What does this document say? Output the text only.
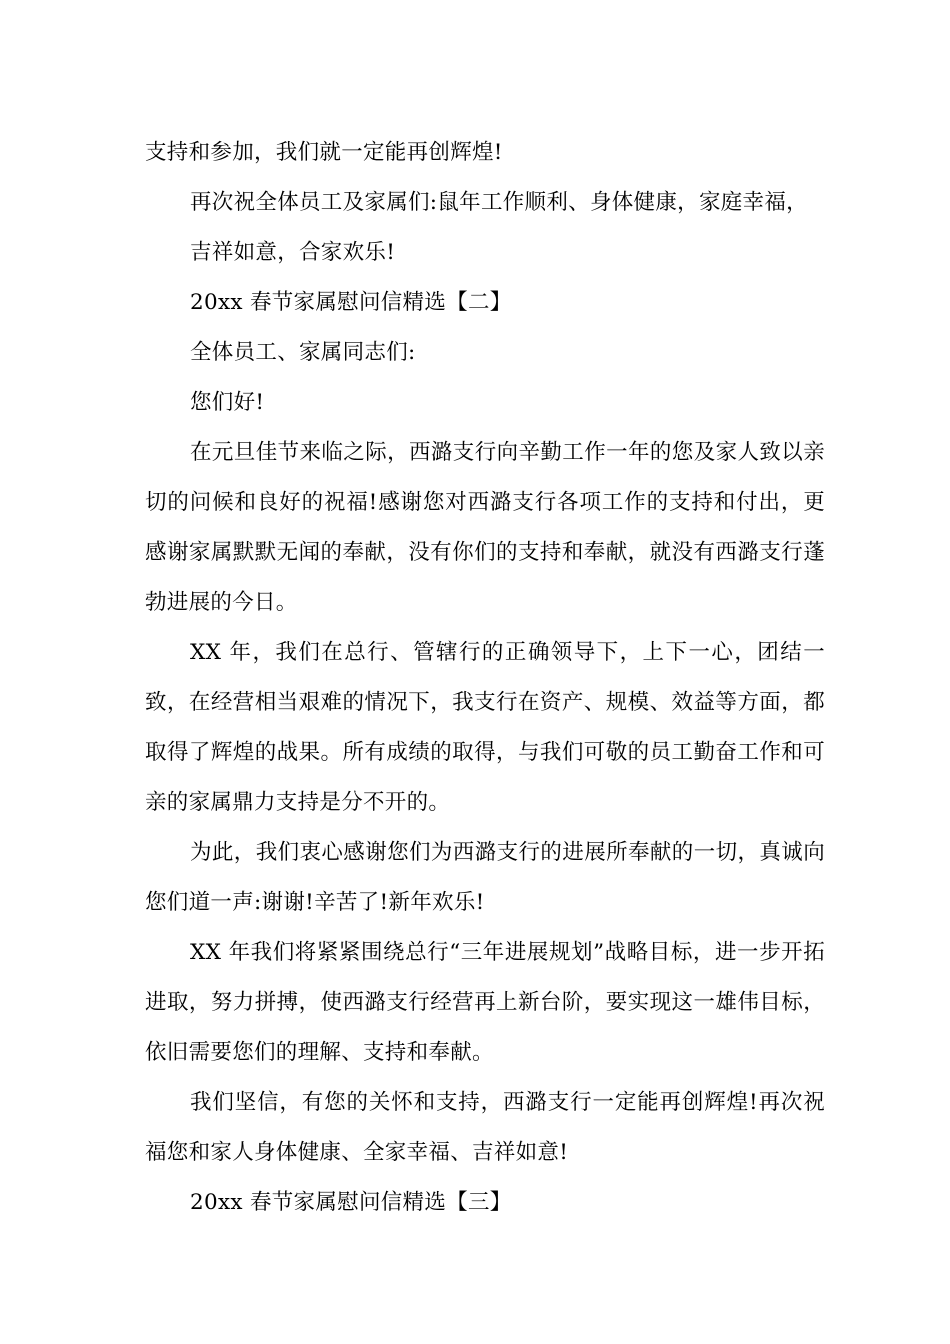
支持和参加，我们就一定能再创辉煌!

再次祝全体员工及家属们:鼠年工作顺利、身体健康，家庭幸福，

吉祥如意，合家欢乐!

20xx 春节家属慰问信精选【二】

全体员工、家属同志们:

您们好!

在元旦佳节来临之际，西潞支行向辛勤工作一年的您及家人致以亲切的问候和良好的祝福!感谢您对西潞支行各项工作的支持和付出，更感谢家属默默无闻的奉献，没有你们的支持和奉献，就没有西潞支行蓬勃进展的今日。

XX 年，我们在总行、管辖行的正确领导下，上下一心，团结一致，在经营相当艰难的情况下，我支行在资产、规模、效益等方面，都取得了辉煌的战果。所有成绩的取得，与我们可敬的员工勤奋工作和可亲的家属鼎力支持是分不开的。

为此，我们衷心感谢您们为西潞支行的进展所奉献的一切，真诚向您们道一声:谢谢!辛苦了!新年欢乐!

XX 年我们将紧紧围绕总行“三年进展规划”战略目标，进一步开拓进取，努力拼搏，使西潞支行经营再上新台阶，要实现这一雄伟目标，依旧需要您们的理解、支持和奉献。

我们坚信，有您的关怀和支持，西潞支行一定能再创辉煌!再次祝福您和家人身体健康、全家幸福、吉祥如意!

20xx 春节家属慰问信精选【三】
